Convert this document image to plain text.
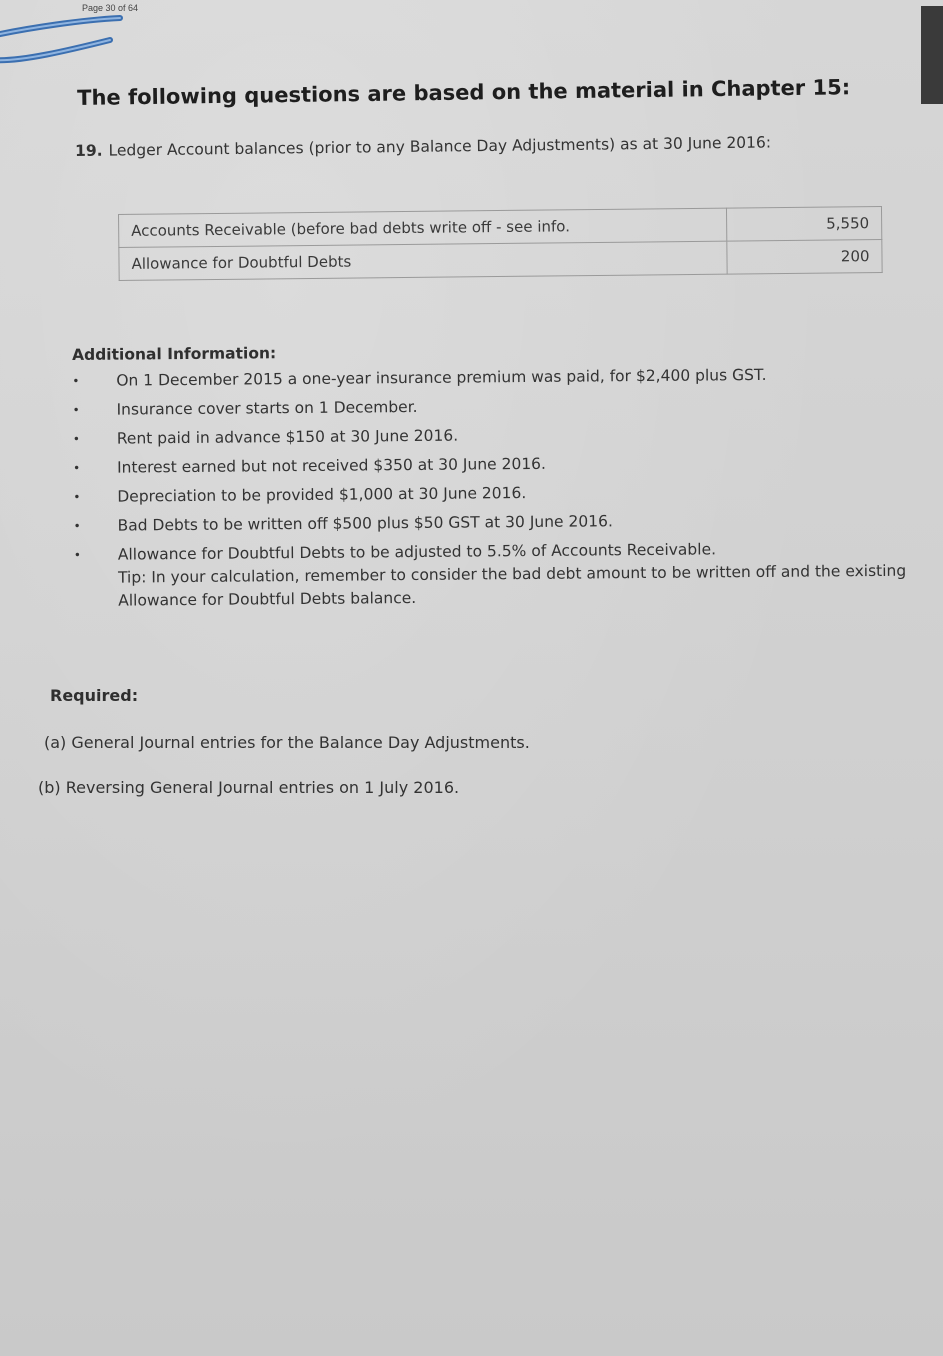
Page 30 of 64
The following questions are based on the material in Chapter 15:
19. Ledger Account balances (prior to any Balance Day Adjustments) as at 30 June 2016:
Accounts Receivable (before bad debts write off - see info.	5,550
Allowance for Doubtful Debts	200
Additional Information:
• On 1 December 2015 a one-year insurance premium was paid, for $2,400 plus GST.
• Insurance cover starts on 1 December.
• Rent paid in advance $150 at 30 June 2016.
• Interest earned but not received $350 at 30 June 2016.
• Depreciation to be provided $1,000 at 30 June 2016.
• Bad Debts to be written off $500 plus $50 GST at 30 June 2016.
• Allowance for Doubtful Debts to be adjusted to 5.5% of Accounts Receivable.
Tip: In your calculation, remember to consider the bad debt amount to be written off and the existing Allowance for Doubtful Debts balance.
Required:
(a) General Journal entries for the Balance Day Adjustments.
(b) Reversing General Journal entries on 1 July 2016.
